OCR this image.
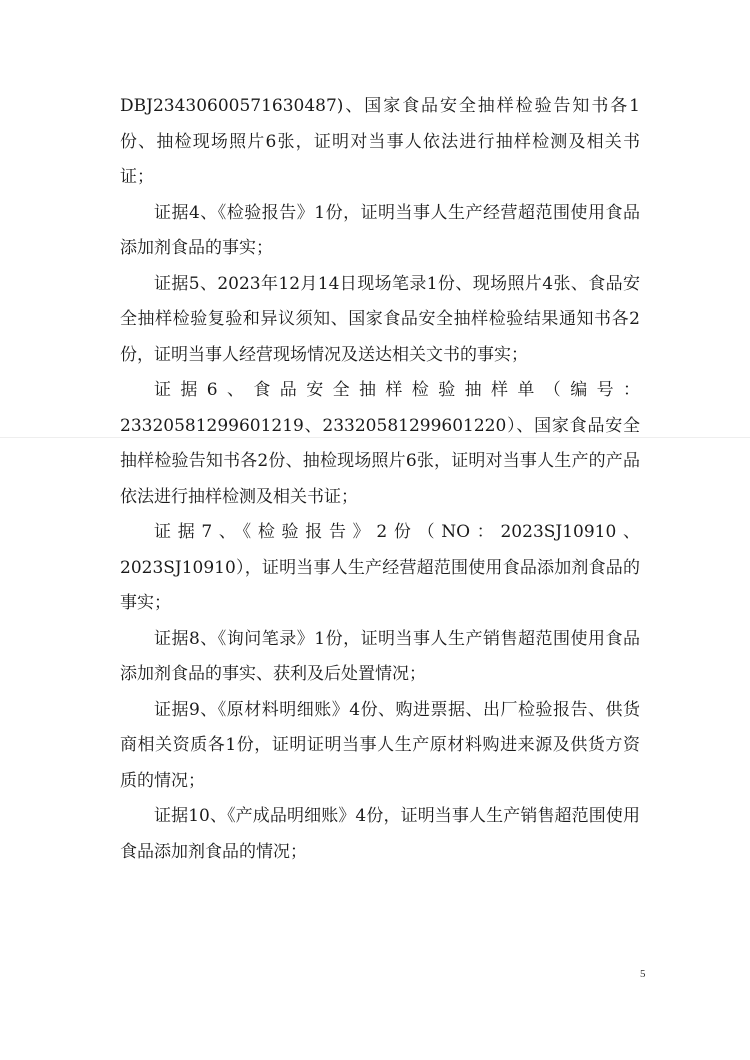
DBJ23430600571630487)、国家食品安全抽样检验告知书各1份、抽检现场照片6张，证明对当事人依法进行抽样检测及相关书证；

证据4、《检验报告》1份，证明当事人生产经营超范围使用食品添加剂食品的事实；

证据5、2023年12月14日现场笔录1份、现场照片4张、食品安全抽样检验复验和异议须知、国家食品安全抽样检验结果通知书各2份，证明当事人经营现场情况及送达相关文书的事实；

证据6、食品安全抽样检验抽样单（编号：23320581299601219、23320581299601220）、国家食品安全抽样检验告知书各2份、抽检现场照片6张，证明对当事人生产的产品依法进行抽样检测及相关书证；

证据7、《检验报告》2份（NO：2023SJ10910、2023SJ10910），证明当事人生产经营超范围使用食品添加剂食品的事实；

证据8、《询问笔录》1份，证明当事人生产销售超范围使用食品添加剂食品的事实、获利及后处置情况；

证据9、《原材料明细账》4份、购进票据、出厂检验报告、供货商相关资质各1份，证明证明当事人生产原材料购进来源及供货方资质的情况；

证据10、《产成品明细账》4份，证明当事人生产销售超范围使用食品添加剂食品的情况；

5
